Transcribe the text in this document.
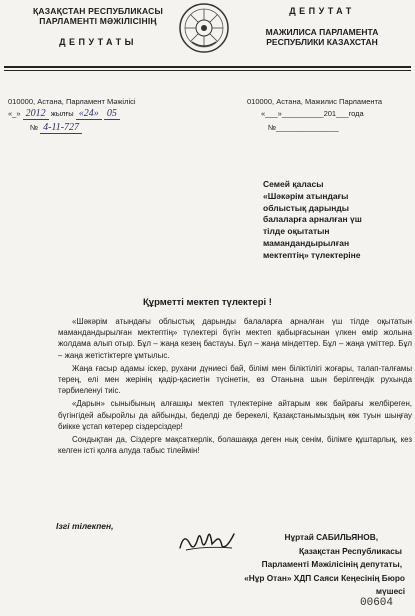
ҚАЗАҚСТАН РЕСПУБЛИКАСЫ
ПАРЛАМЕНТІ МӘЖІЛІСІНІҢ
ДЕПУТАТЫ
ДЕПУТАТ
МАЖИЛИСА ПАРЛАМЕНТА
РЕСПУБЛИКИ КАЗАХСТАН
010000, Астана, Парламент Мәжілісі
«_» 2012 жылғы «24» 05
№ 4-11-727
010000, Астана, Мажилис Парламента
«___»__________201___года
№_______________
Семей қаласы
«Шәкәрім атындағы
облыстық дарынды
балаларға арналған үш
тілде оқытатын
мамандандырылған
мектептің» түлектеріне
Құрметті мектеп түлектері !

«Шәкәрім атындағы облыстық дарынды балаларға арналған үш тілде оқытатын мамандандырылған мектептің» түлектері бүгін мектеп қабырғасынан үлкен өмір жолына жолдама алып отыр. Бұл – жаңа кезең бастауы. Бұл – жаңа міндеттер. Бұл – жаңа үміттер. Бұл – жаңа жетістіктерге ұмтылыс.

Жаңа ғасыр адамы іскер, рухани дүниесі бай, білімі мен біліктілігі жоғары, талап-талғамы терең, елі мен жерінің қадір-қасиетін түсінетін, өз Отанына шын берілгендік рухында тәрбиеленуі тиіс.

«Дарын» сыныбының алғашқы мектеп түлектеріне айтарым көк байрағы желбіреген, бүгінгідей абыройлы да айбынды, беделді де берекелі, Қазақстанымыздың көк туын шыңғау биікке ұстап көтерер сіздерсіздер!

Сондықтан да, Сіздерге мақсаткерлік, болашаққа деген нық сенім, білімге құштарлық, кез келген істі қолға алуда табыс тілеймін!

Ізгі тілекпен,
Нұртай САБИЛЬЯНОВ,
Қазақстан Республикасы
Парламенті Мәжілісінің депутаты,
«Нұр Отан» ХДП Саяси Кеңесінің Бюро мүшесі
00604
